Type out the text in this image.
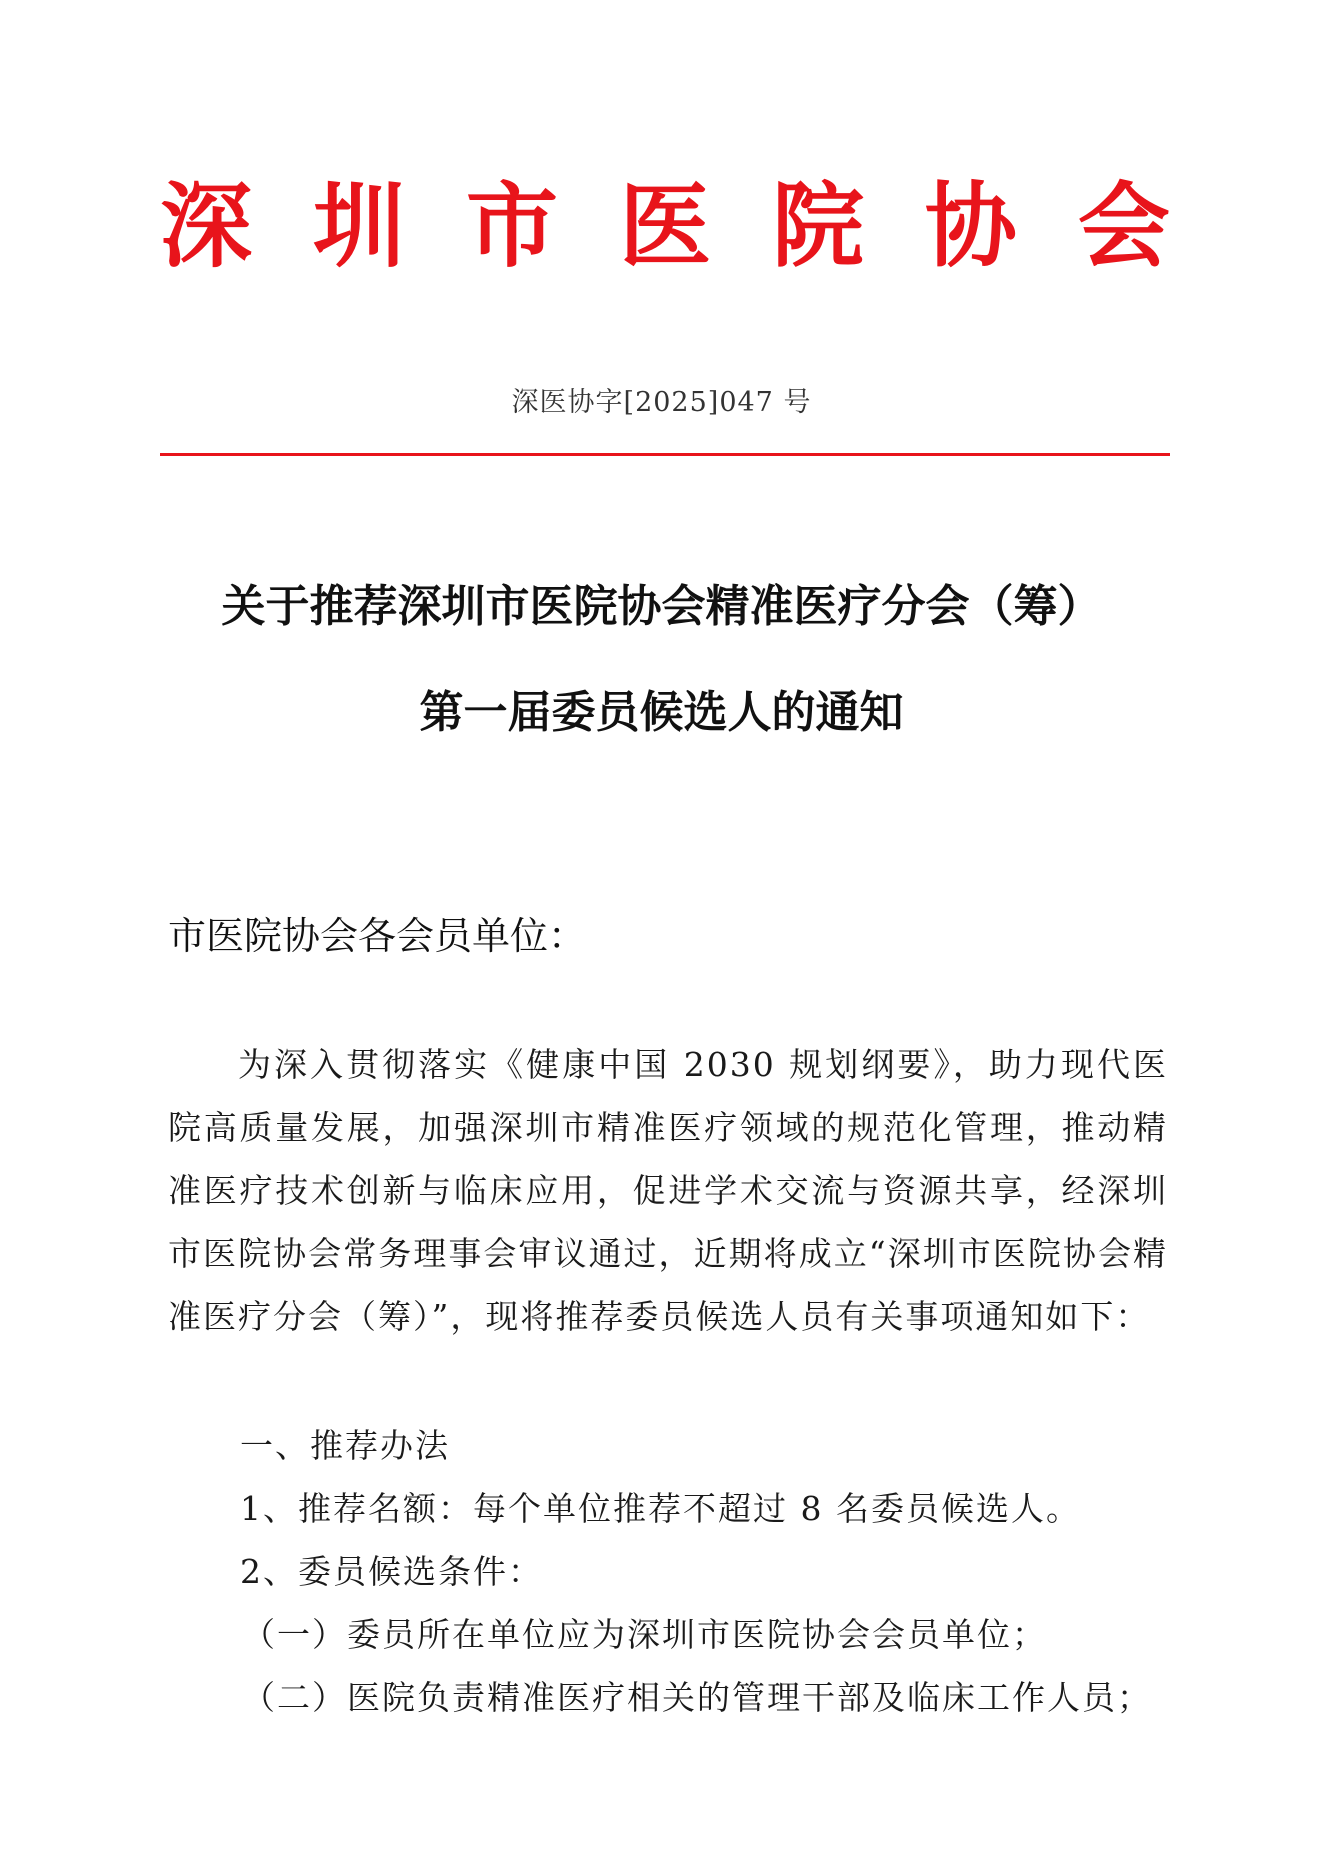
深 圳 市 医 院 协 会
深医协字[2025]047 号
关于推荐深圳市医院协会精准医疗分会（筹）
第一届委员候选人的通知
市医院协会各会员单位：
为深入贯彻落实《健康中国 2030 规划纲要》，助力现代医院高质量发展，加强深圳市精准医疗领域的规范化管理，推动精准医疗技术创新与临床应用，促进学术交流与资源共享，经深圳市医院协会常务理事会审议通过，近期将成立“深圳市医院协会精准医疗分会（筹）”，现将推荐委员候选人员有关事项通知如下：
一、推荐办法
1、推荐名额：每个单位推荐不超过 8 名委员候选人。
2、委员候选条件：
（一）委员所在单位应为深圳市医院协会会员单位；
（二）医院负责精准医疗相关的管理干部及临床工作人员；
